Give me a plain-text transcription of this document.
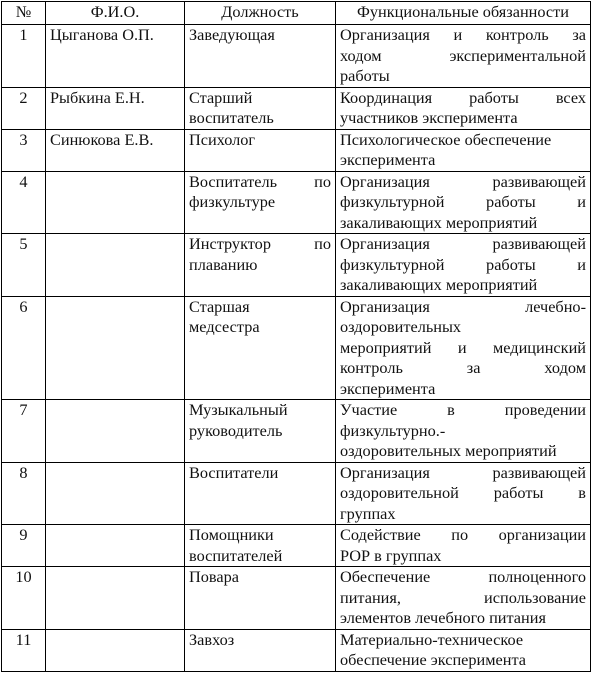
№	Ф.И.О.	Должность	Функциональные обязанности
1	Цыганова О.П.	Заведующая	Организация и контроль за
ходом экспериментальной
работы

2	Рыбкина Е.Н.	Старший
воспитатель	Координация работы всех
участников эксперимента

3	Синюкова Е.В.	Психолог	Психологическое обеспечение
эксперимента

4		Воспитатель по
физкультуре	Организация развивающей
физкультурной работы и
закаливающих мероприятий

5		Инструктор по
плаванию	Организация развивающей
физкультурной работы и
закаливающих мероприятий

6		Старшая
медсестра	Организация лечебно-
оздоровительных
мероприятий и медицинский
контроль за ходом
эксперимента

7		Музыкальный
руководитель	Участие в проведении
физкультурно.-
оздоровительных мероприятий

8		Воспитатели	Организация развивающей
оздоровительной работы в
группах

9		Помощники
воспитателей	Содействие по организации
РОР в группах

10		Повара	Обеспечение полноценного
питания, использование
элементов лечебного питания

11		Завхоз	Материально-техническое
обеспечение эксперимента
